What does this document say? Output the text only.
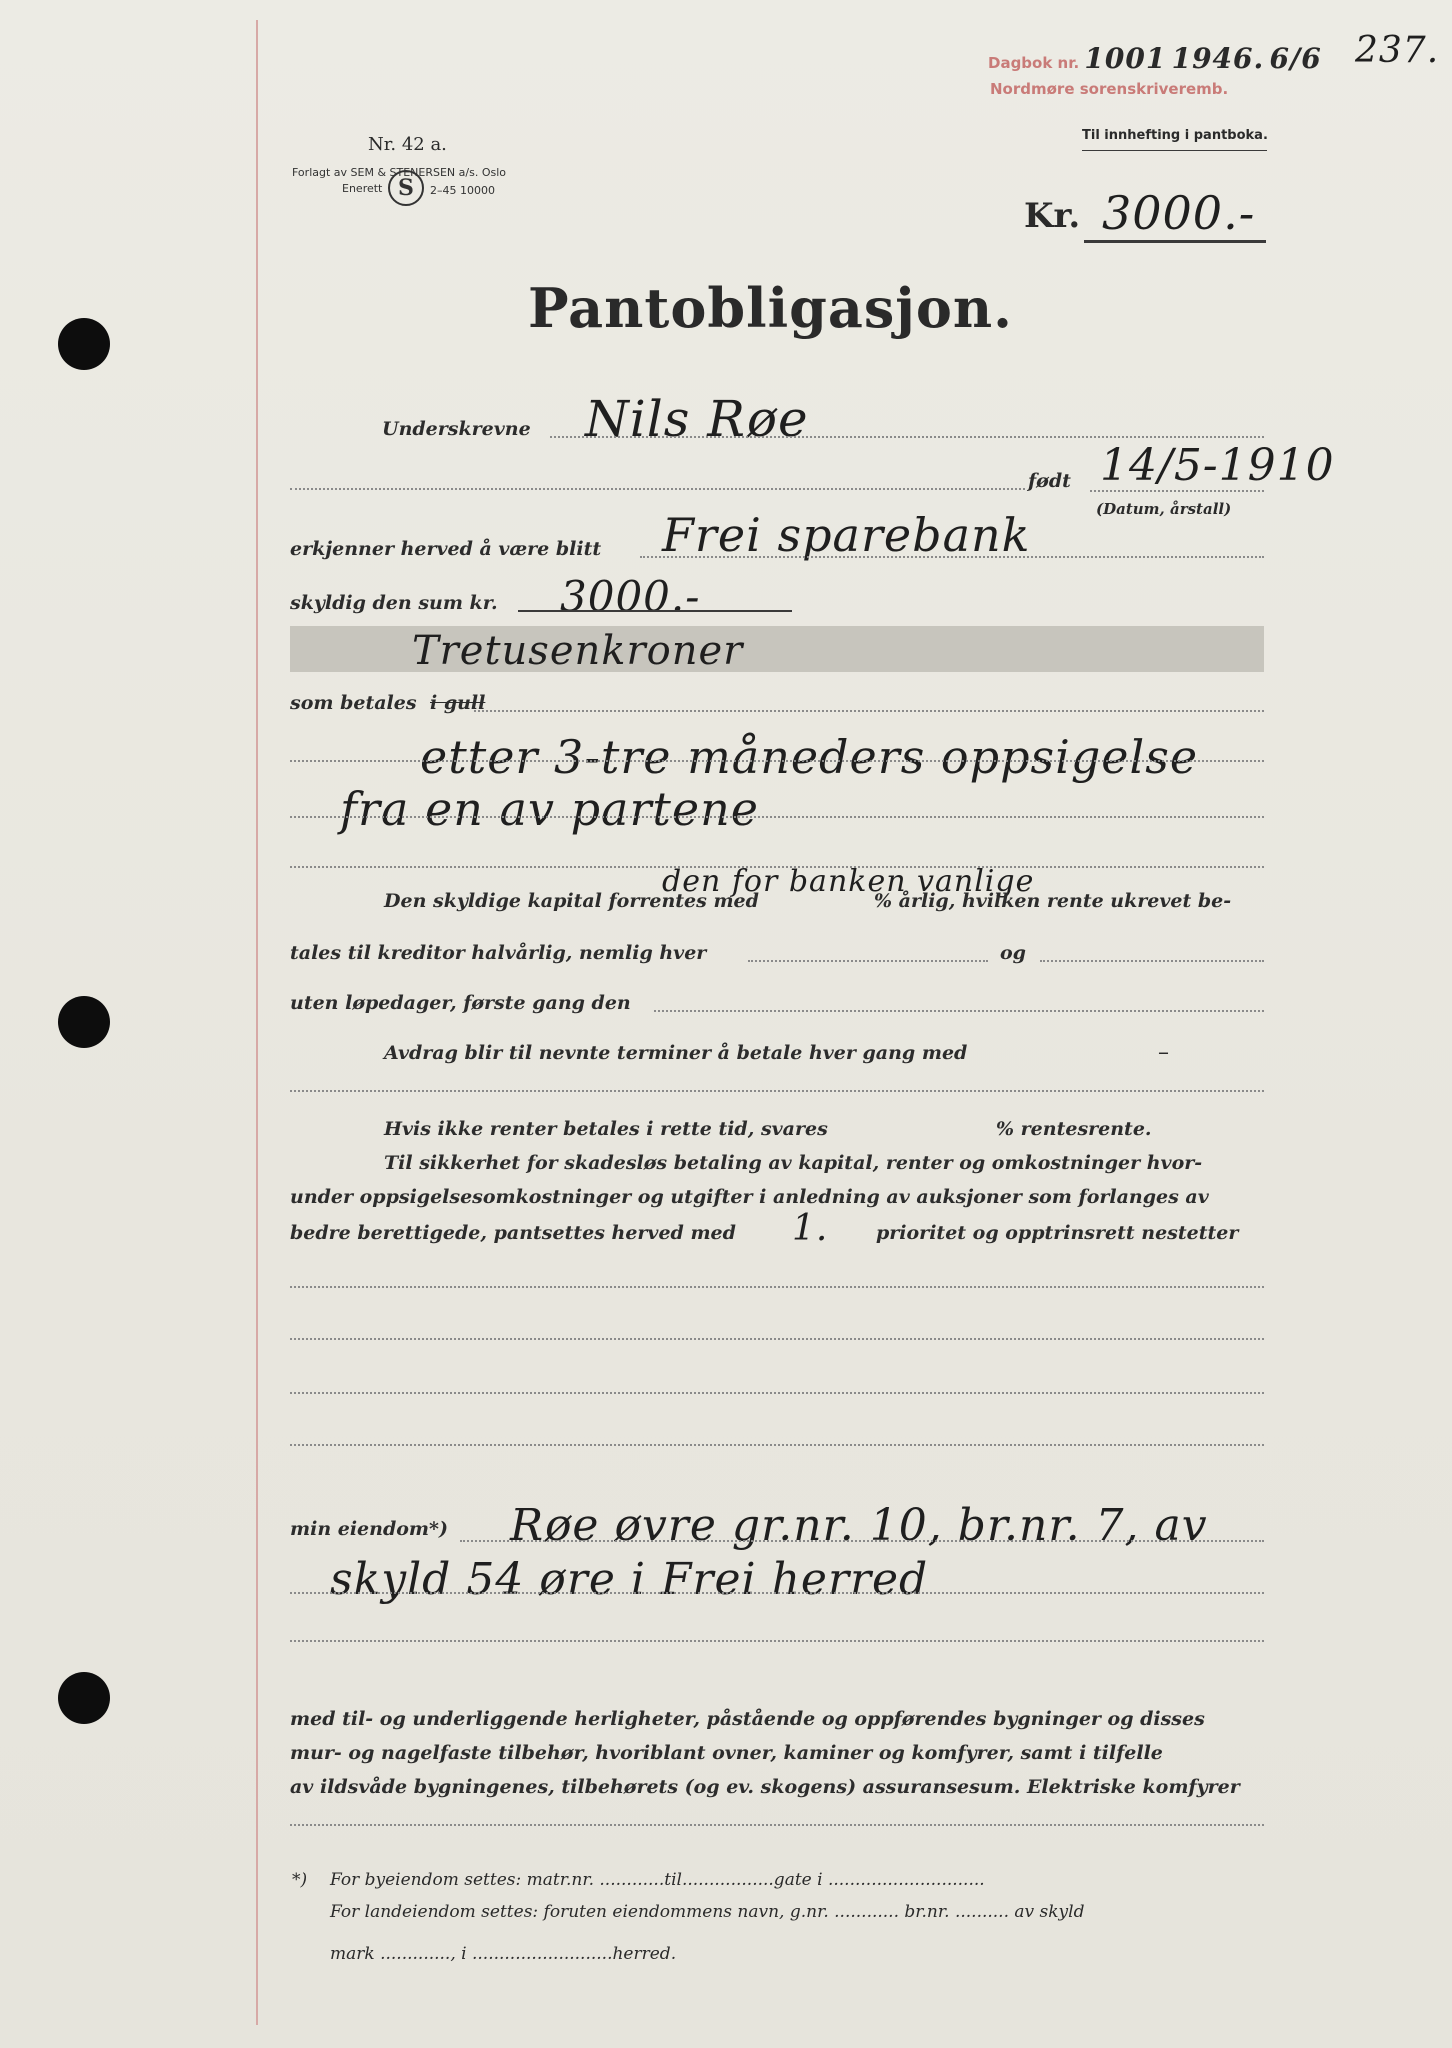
Dagbok nr. 1001 1946. 6/6
Nordmøre sorenskriveremb.
237.
Nr. 42 a.
Forlagt av SEM & STENERSEN a/s. Oslo
Enerett S	2–45 10000
Til innhefting i pantboka.
Kr. 3000.-
Pantobligasjon.
Underskrevne Nils Røe
født 14/5-1910
(Datum, årstall)
erkjenner herved å være blitt Frei sparebank
skyldig den sum kr. 3000.-
Tretusenkroner
som betales i gull
etter 3-tre måneders oppsigelse
fra en av partene
den for banken vanlige
Den skyldige kapital forrentes med	% årlig, hvilken rente ukrevet be-
tales til kreditor halvårlig, nemlig hver	og
uten løpedager, første gang den
Avdrag blir til nevnte terminer å betale hver gang med	–
Hvis ikke renter betales i rette tid, svares	% rentesrente.
Til sikkerhet for skadesløs betaling av kapital, renter og omkostninger hvor-
under oppsigelsesomkostninger og utgifter i anledning av auksjoner som forlanges av
bedre berettigede, pantsettes herved med 1.	prioritet og opptrinsrett nestetter
min eiendom*) Røe øvre gr.nr. 10, br.nr. 7, av
skyld 54 øre i Frei herred
med til- og underliggende herligheter, påstående og oppførendes bygninger og disses
mur- og nagelfaste tilbehør, hvoriblant ovner, kaminer og komfyrer, samt i tilfelle
av ildsvåde bygningenes, tilbehørets (og ev. skogens) assuransesum. Elektriske komfyrer
*) For byeiendom settes: matr.nr. ............til.................gate i .............................
For landeiendom settes: foruten eiendommens navn, g.nr. ............ br.nr. .......... av skyld
mark ............., i ..........................herred.
